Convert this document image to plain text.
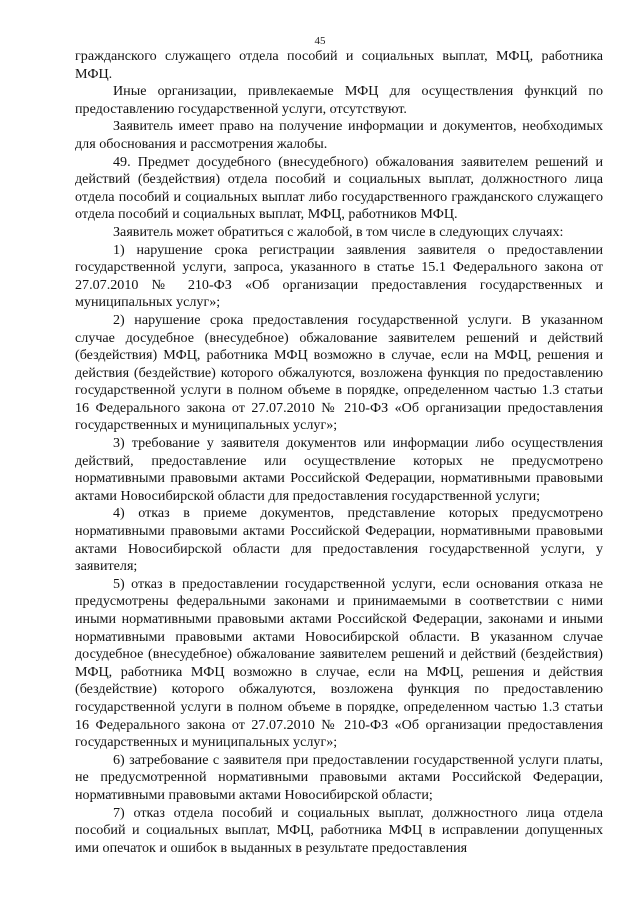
45

гражданского служащего отдела пособий и социальных выплат, МФЦ, работника МФЦ.

Иные организации, привлекаемые МФЦ для осуществления функций по предоставлению государственной услуги, отсутствуют.

Заявитель имеет право на получение информации и документов, необходимых для обоснования и рассмотрения жалобы.

49. Предмет досудебного (внесудебного) обжалования заявителем решений и действий (бездействия) отдела пособий и социальных выплат, должностного лица отдела пособий и социальных выплат либо государственного гражданского служащего отдела пособий и социальных выплат, МФЦ, работников МФЦ.

Заявитель может обратиться с жалобой, в том числе в следующих случаях:

1) нарушение срока регистрации заявления заявителя о предоставлении государственной услуги, запроса, указанного в статье 15.1 Федерального закона от 27.07.2010 № 210-ФЗ «Об организации предоставления государственных и муниципальных услуг»;

2) нарушение срока предоставления государственной услуги. В указанном случае досудебное (внесудебное) обжалование заявителем решений и действий (бездействия) МФЦ, работника МФЦ возможно в случае, если на МФЦ, решения и действия (бездействие) которого обжалуются, возложена функция по предоставлению государственной услуги в полном объеме в порядке, определенном частью 1.3 статьи 16 Федерального закона от 27.07.2010 № 210-ФЗ «Об организации предоставления государственных и муниципальных услуг»;

3) требование у заявителя документов или информации либо осуществления действий, предоставление или осуществление которых не предусмотрено нормативными правовыми актами Российской Федерации, нормативными правовыми актами Новосибирской области для предоставления государственной услуги;

4) отказ в приеме документов, представление которых предусмотрено нормативными правовыми актами Российской Федерации, нормативными правовыми актами Новосибирской области для предоставления государственной услуги, у заявителя;

5) отказ в предоставлении государственной услуги, если основания отказа не предусмотрены федеральными законами и принимаемыми в соответствии с ними иными нормативными правовыми актами Российской Федерации, законами и иными нормативными правовыми актами Новосибирской области. В указанном случае досудебное (внесудебное) обжалование заявителем решений и действий (бездействия) МФЦ, работника МФЦ возможно в случае, если на МФЦ, решения и действия (бездействие) которого обжалуются, возложена функция по предоставлению государственной услуги в полном объеме в порядке, определенном частью 1.3 статьи 16 Федерального закона от 27.07.2010 № 210-ФЗ «Об организации предоставления государственных и муниципальных услуг»;

6) затребование с заявителя при предоставлении государственной услуги платы, не предусмотренной нормативными правовыми актами Российской Федерации, нормативными правовыми актами Новосибирской области;

7) отказ отдела пособий и социальных выплат, должностного лица отдела пособий и социальных выплат, МФЦ, работника МФЦ в исправлении допущенных ими опечаток и ошибок в выданных в результате предоставления
